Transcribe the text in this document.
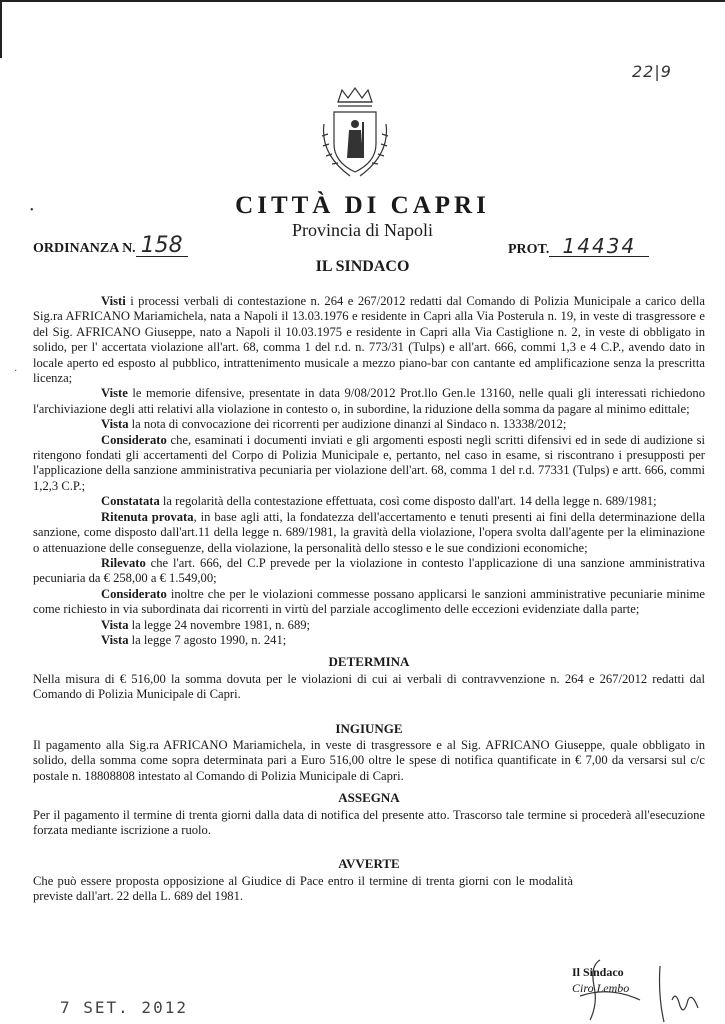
•
·
22|9
CITTÀ DI CAPRI
Provincia di Napoli
ORDINANZA N. 158	PROT. 14434
IL SINDACO

Visti i processi verbali di contestazione n. 264 e 267/2012 redatti dal Comando di Polizia Municipale a carico della Sig.ra AFRICANO Mariamichela, nata a Napoli il 13.03.1976 e residente in Capri alla Via Posterula n. 19, in veste di trasgressore e del Sig. AFRICANO Giuseppe, nato a Napoli il 10.03.1975 e residente in Capri alla Via Castiglione n. 2, in veste di obbligato in solido, per l' accertata violazione all'art. 68, comma 1 del r.d. n. 773/31 (Tulps) e all'art. 666, commi 1,3 e 4 C.P., avendo dato in locale aperto ed esposto al pubblico, intrattenimento musicale a mezzo piano-bar con cantante ed amplificazione senza la prescritta licenza;

Viste le memorie difensive, presentate in data 9/08/2012 Prot.llo Gen.le 13160, nelle quali gli interessati richiedono l'archiviazione degli atti relativi alla violazione in contesto o, in subordine, la riduzione della somma da pagare al minimo edittale;

Vista la nota di convocazione dei ricorrenti per audizione dinanzi al Sindaco n. 13338/2012;

Considerato che, esaminati i documenti inviati e gli argomenti esposti negli scritti difensivi ed in sede di audizione si ritengono fondati gli accertamenti del Corpo di Polizia Municipale e, pertanto, nel caso in esame, si riscontrano i presupposti per l'applicazione della sanzione amministrativa pecuniaria per violazione dell'art. 68, comma 1 del r.d. 77331 (Tulps) e artt. 666, commi 1,2,3 C.P.;

Constatata la regolarità della contestazione effettuata, così come disposto dall'art. 14 della legge n. 689/1981;

Ritenuta provata, in base agli atti, la fondatezza dell'accertamento e tenuti presenti ai fini della determinazione della sanzione, come disposto dall'art.11 della legge n. 689/1981, la gravità della violazione, l'opera svolta dall'agente per la eliminazione o attenuazione delle conseguenze, della violazione, la personalità dello stesso e le sue condizioni economiche;

Rilevato che l'art. 666, del C.P prevede per la violazione in contesto l'applicazione di una sanzione amministrativa pecuniaria da € 258,00 a € 1.549,00;

Considerato inoltre che per le violazioni commesse possano applicarsi le sanzioni amministrative pecuniarie minime come richiesto in via subordinata dai ricorrenti in virtù del parziale accoglimento delle eccezioni evidenziate dalla parte;

Vista la legge 24 novembre 1981, n. 689;

Vista la legge 7 agosto 1990, n. 241;

DETERMINA

Nella misura di € 516,00 la somma dovuta per le violazioni di cui ai verbali di contravvenzione n. 264 e 267/2012 redatti dal Comando di Polizia Municipale di Capri.

INGIUNGE

Il pagamento alla Sig.ra AFRICANO Mariamichela, in veste di trasgressore e al Sig. AFRICANO Giuseppe, quale obbligato in solido, della somma come sopra determinata pari a Euro 516,00 oltre le spese di notifica quantificate in € 7,00 da versarsi sul c/c postale n. 18808808 intestato al Comando di Polizia Municipale di Capri.

ASSEGNA

Per il pagamento il termine di trenta giorni dalla data di notifica del presente atto. Trascorso tale termine si procederà all'esecuzione forzata mediante iscrizione a ruolo.

AVVERTE

Che può essere proposta opposizione al Giudice di Pace entro il termine di trenta giorni con le modalità previste dall'art. 22 della L. 689 del 1981.

7 SET. 2012
Il Sindaco
Ciro Lembo
